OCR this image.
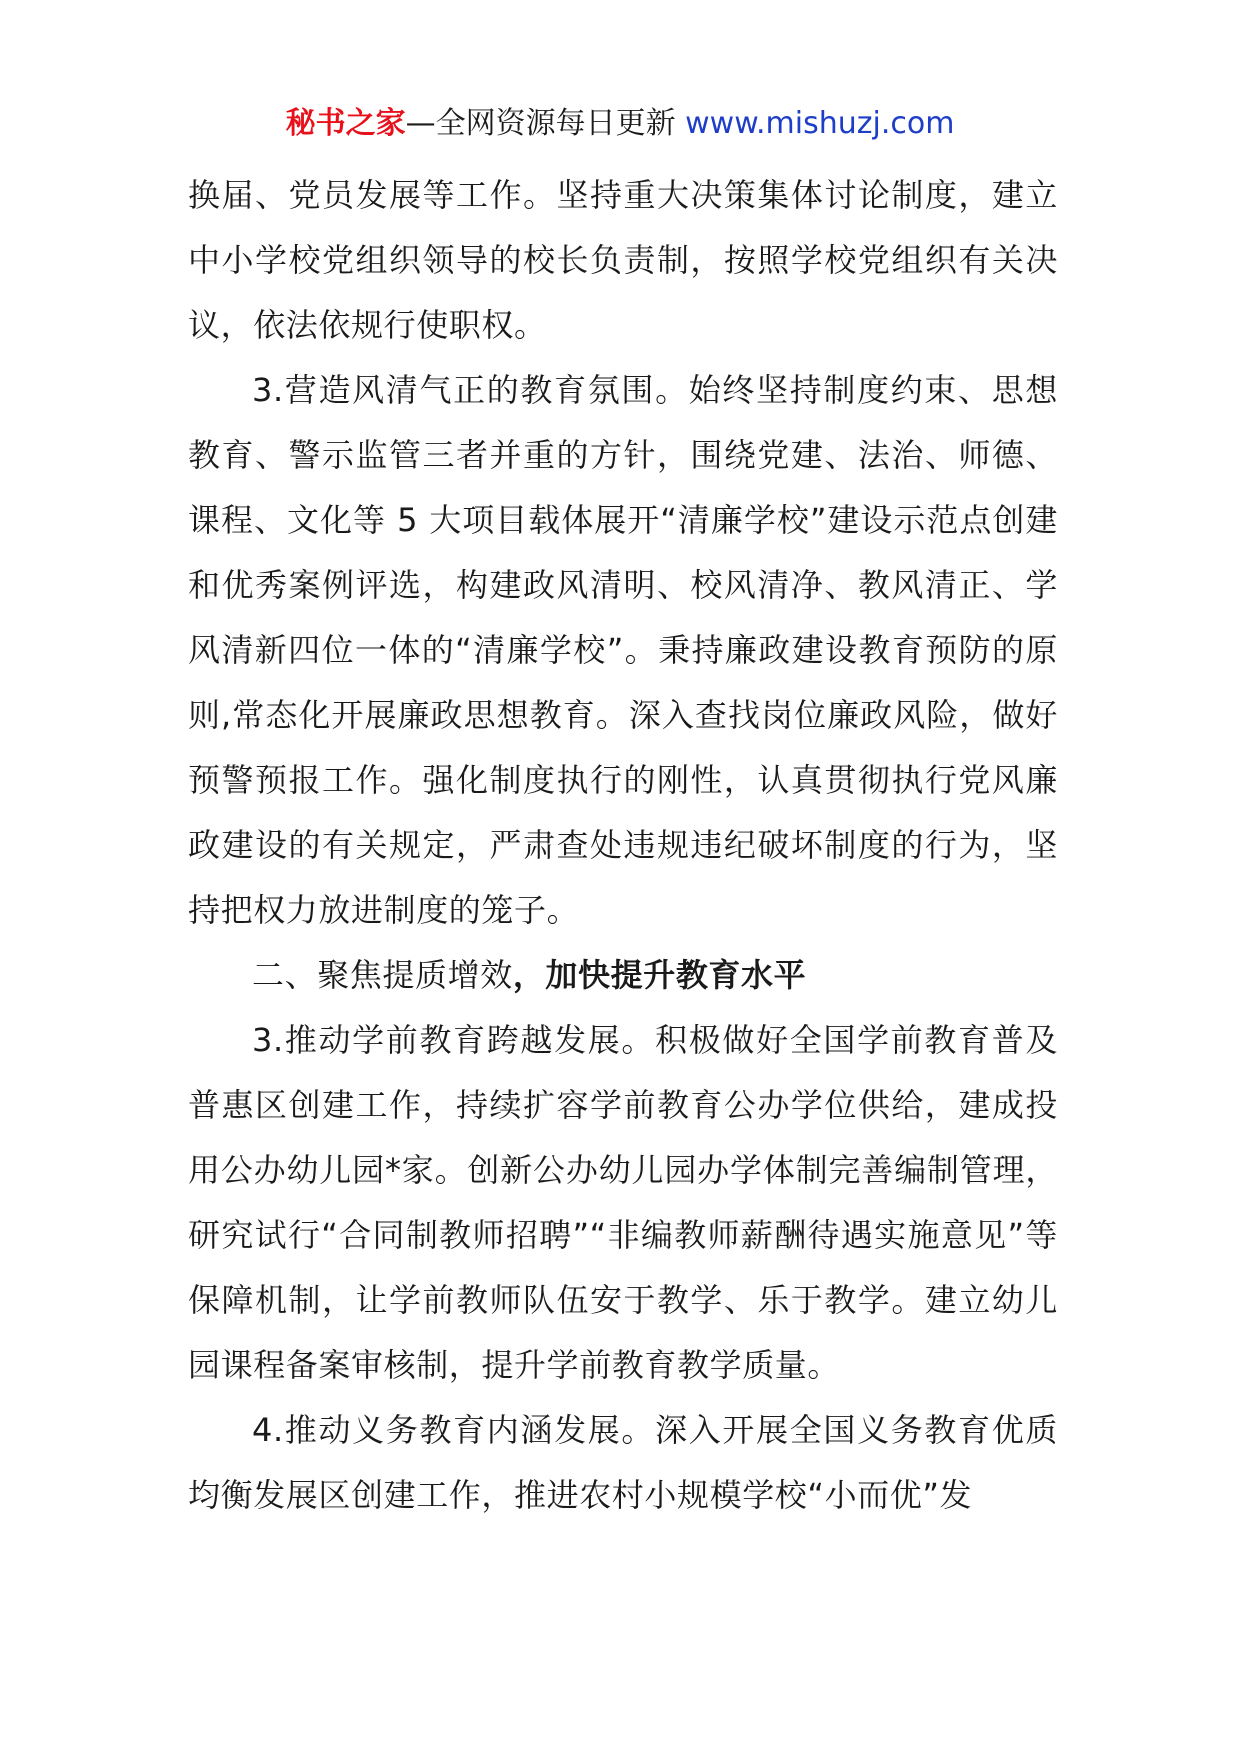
秘书之家—全网资源每日更新 www.mishuzj.com

换届、党员发展等工作。坚持重大决策集体讨论制度，建立中小学校党组织领导的校长负责制，按照学校党组织有关决议，依法依规行使职权。

3.营造风清气正的教育氛围。始终坚持制度约束、思想教育、警示监管三者并重的方针，围绕党建、法治、师德、课程、文化等 5 大项目载体展开“清廉学校”建设示范点创建和优秀案例评选，构建政风清明、校风清净、教风清正、学风清新四位一体的“清廉学校”。秉持廉政建设教育预防的原则,常态化开展廉政思想教育。深入查找岗位廉政风险，做好预警预报工作。强化制度执行的刚性，认真贯彻执行党风廉政建设的有关规定，严肃查处违规违纪破坏制度的行为，坚持把权力放进制度的笼子。

二、聚焦提质增效，加快提升教育水平

3.推动学前教育跨越发展。积极做好全国学前教育普及普惠区创建工作，持续扩容学前教育公办学位供给，建成投用公办幼儿园*家。创新公办幼儿园办学体制完善编制管理，研究试行“合同制教师招聘”“非编教师薪酬待遇实施意见”等保障机制，让学前教师队伍安于教学、乐于教学。建立幼儿园课程备案审核制，提升学前教育教学质量。

4.推动义务教育内涵发展。深入开展全国义务教育优质均衡发展区创建工作，推进农村小规模学校“小而优”发
